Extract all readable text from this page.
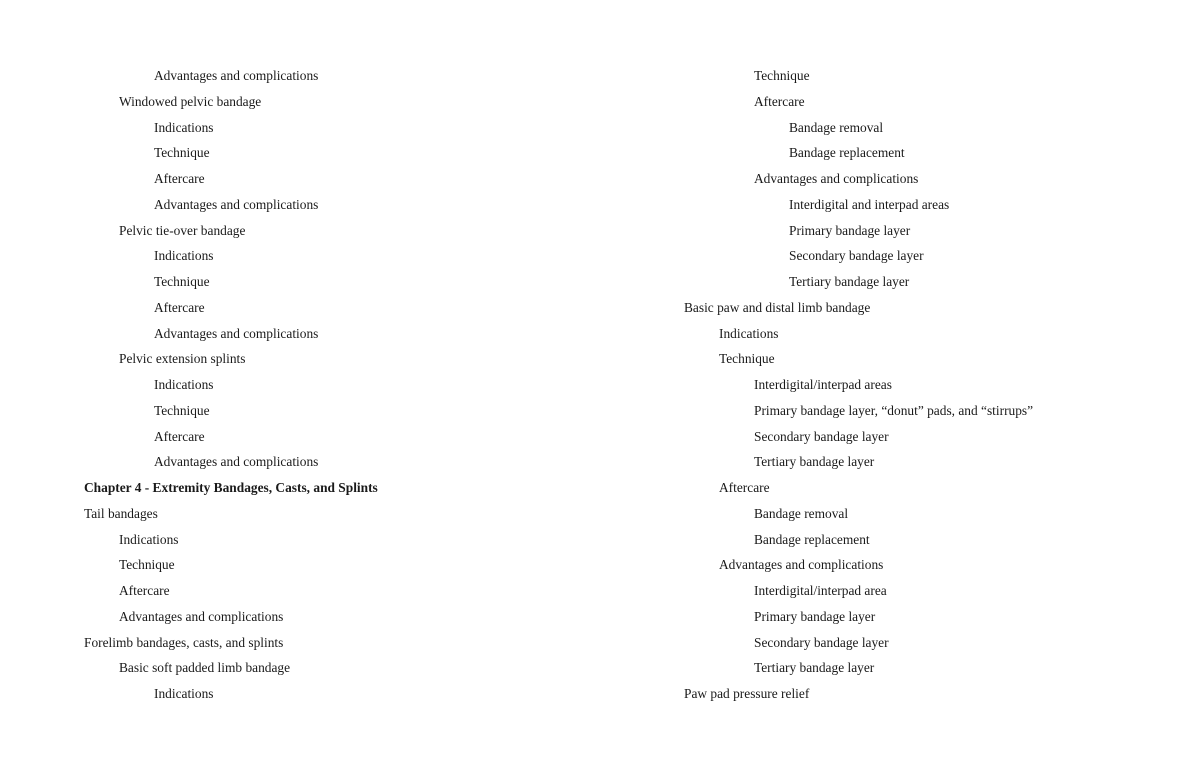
Advantages and complications
Windowed pelvic bandage
Indications
Technique
Aftercare
Advantages and complications
Pelvic tie-over bandage
Indications
Technique
Aftercare
Advantages and complications
Pelvic extension splints
Indications
Technique
Aftercare
Advantages and complications
Chapter 4 - Extremity Bandages, Casts, and Splints
Tail bandages
Indications
Technique
Aftercare
Advantages and complications
Forelimb bandages, casts, and splints
Basic soft padded limb bandage
Indications
Technique
Aftercare
Bandage removal
Bandage replacement
Advantages and complications
Interdigital and interpad areas
Primary bandage layer
Secondary bandage layer
Tertiary bandage layer
Basic paw and distal limb bandage
Indications
Technique
Interdigital/interpad areas
Primary bandage layer, “donut” pads, and “stirrups”
Secondary bandage layer
Tertiary bandage layer
Aftercare
Bandage removal
Bandage replacement
Advantages and complications
Interdigital/interpad area
Primary bandage layer
Secondary bandage layer
Tertiary bandage layer
Paw pad pressure relief
